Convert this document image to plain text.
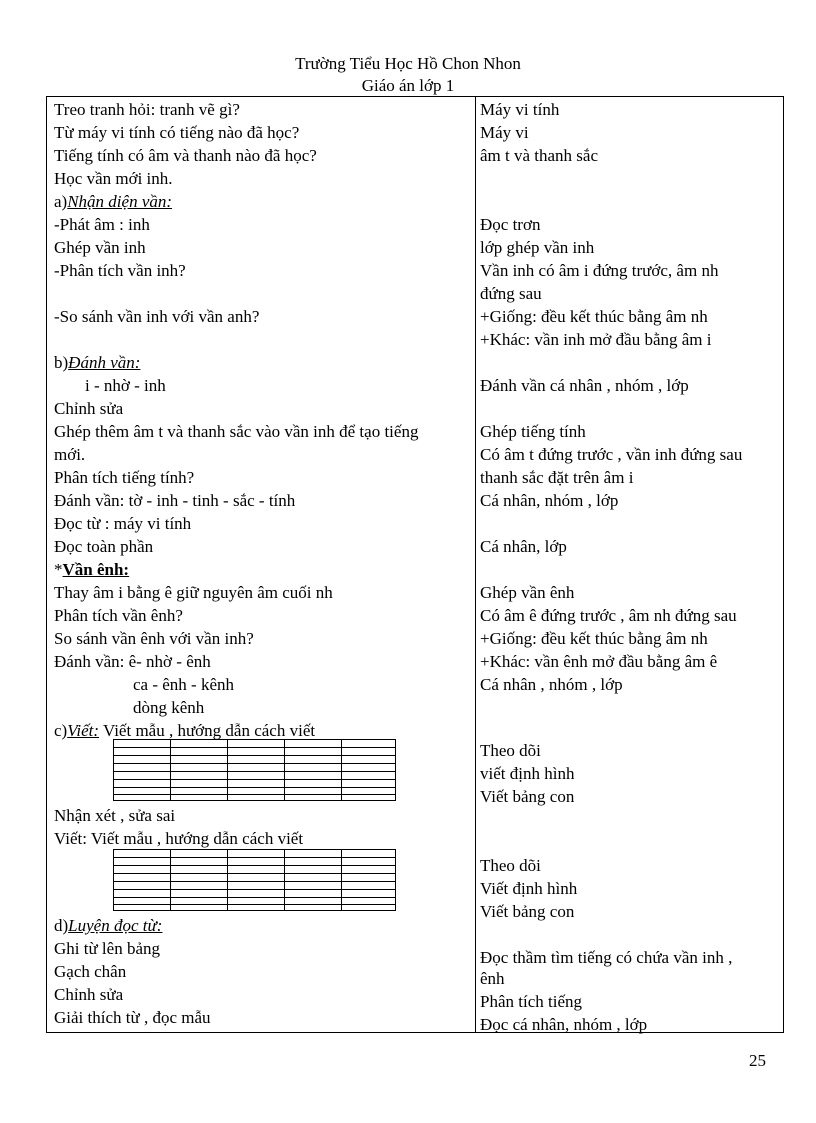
Trường Tiểu Học Hồ Chon Nhon
Giáo án lớp 1
Treo tranh hỏi: tranh vẽ gì?
Từ máy vi tính có tiếng nào đã học?
Tiếng tính có âm và thanh nào đã học?
Học vần mới inh.
a)Nhận diện vần:
-Phát âm : inh
Ghép vần inh
-Phân tích vần inh?
-So sánh vần inh với vần anh?
b)Đánh vần:
i - nhờ - inh
Chỉnh sửa
Ghép thêm âm t và thanh sắc vào vần inh để tạo tiếng
mới.
Phân tích tiếng tính?
Đánh vần: tờ - inh - tinh - sắc - tính
Đọc từ : máy vi tính
Đọc toàn phần
*Vần ênh:
Thay âm i bằng ê giữ nguyên âm cuối nh
Phân tích vần ênh?
So sánh vần ênh với vần inh?
Đánh vần: ê- nhờ - ênh
ca - ênh - kênh
dòng kênh
c)Viết: Viết mẫu , hướng dẫn cách viết
Nhận xét , sửa sai
Viết: Viết mẫu , hướng dẫn cách viết
d)Luyện đọc từ:
Ghi từ lên bảng
Gạch chân
Chỉnh sửa
Giải thích từ , đọc mẫu
Máy vi tính
Máy vi
âm t và thanh sắc
Đọc trơn
lớp ghép vần inh
Vần inh có âm i đứng trước, âm nh
đứng sau
+Giống: đều kết thúc bằng âm nh
+Khác: vần inh mở đầu bằng âm i
Đánh vần cá nhân , nhóm , lớp
Ghép tiếng tính
Có âm t đứng trước , vần inh đứng sau
thanh sắc đặt trên âm i
Cá nhân, nhóm , lớp
Cá nhân, lớp
Ghép vần ênh
Có âm ê đứng trước , âm nh đứng sau
+Giống: đều kết thúc bằng âm nh
+Khác: vần ênh mở đầu bằng âm ê
Cá nhân , nhóm , lớp
Theo dõi
viết định hình
Viết bảng con
Theo dõi
Viết định hình
Viết bảng con
Đọc thầm tìm tiếng có chứa vần inh ,
ênh
Phân tích tiếng
Đọc cá nhân, nhóm , lớp
25
